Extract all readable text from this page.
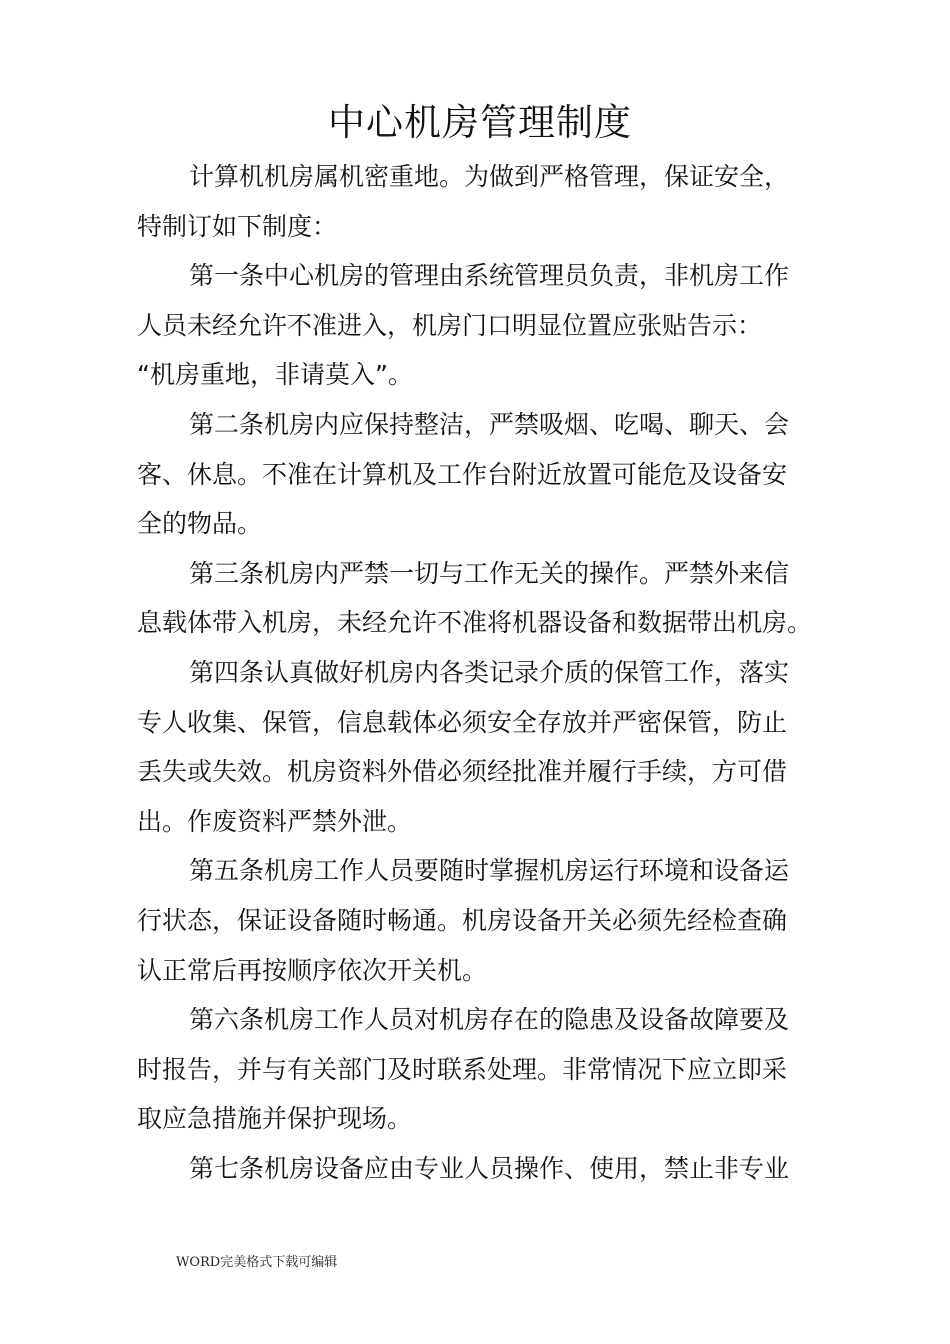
中心机房管理制度
计算机机房属机密重地。为做到严格管理，保证安全，
特制订如下制度：
第一条中心机房的管理由系统管理员负责，非机房工作
人员未经允许不准进入，机房门口明显位置应张贴告示：
“机房重地，非请莫入”。
第二条机房内应保持整洁，严禁吸烟、吃喝、聊天、会
客、休息。不准在计算机及工作台附近放置可能危及设备安
全的物品。
第三条机房内严禁一切与工作无关的操作。严禁外来信
息载体带入机房，未经允许不准将机器设备和数据带出机房。
第四条认真做好机房内各类记录介质的保管工作，落实
专人收集、保管，信息载体必须安全存放并严密保管，防止
丢失或失效。机房资料外借必须经批准并履行手续，方可借
出。作废资料严禁外泄。
第五条机房工作人员要随时掌握机房运行环境和设备运
行状态，保证设备随时畅通。机房设备开关必须先经检查确
认正常后再按顺序依次开关机。
第六条机房工作人员对机房存在的隐患及设备故障要及
时报告，并与有关部门及时联系处理。非常情况下应立即采
取应急措施并保护现场。
第七条机房设备应由专业人员操作、使用，禁止非专业
WORD完美格式下载可编辑
